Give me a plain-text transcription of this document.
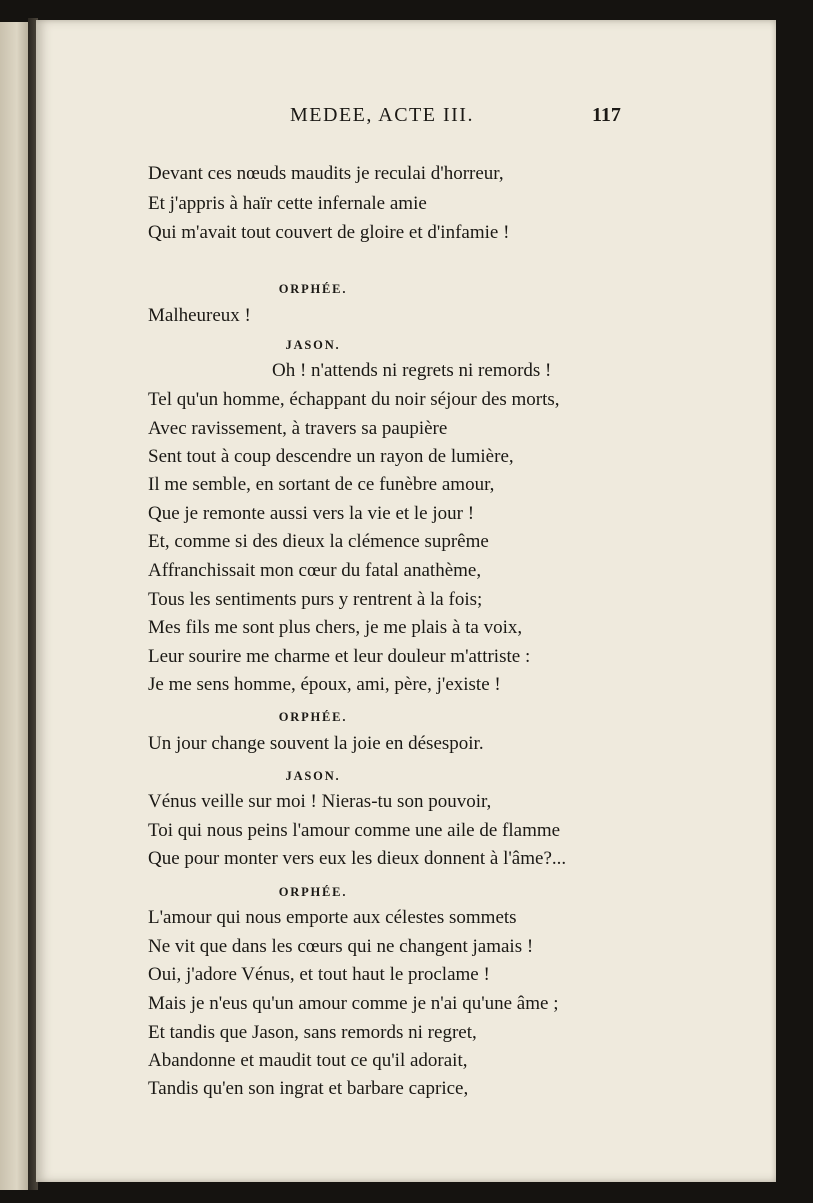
MEDEE, ACTE III.	117
Devant ces nœuds maudits je reculai d'horreur,
Et j'appris à haïr cette infernale amie
Qui m'avait tout couvert de gloire et d'infamie !
ORPHÉE.
Malheureux !
JASON.
Oh ! n'attends ni regrets ni remords !
Tel qu'un homme, échappant du noir séjour des morts,
Avec ravissement, à travers sa paupière
Sent tout à coup descendre un rayon de lumière,
Il me semble, en sortant de ce funèbre amour,
Que je remonte aussi vers la vie et le jour !
Et, comme si des dieux la clémence suprême
Affranchissait mon cœur du fatal anathème,
Tous les sentiments purs y rentrent à la fois;
Mes fils me sont plus chers, je me plais à ta voix,
Leur sourire me charme et leur douleur m'attriste :
Je me sens homme, époux, ami, père, j'existe !
ORPHÉE.
Un jour change souvent la joie en désespoir.
JASON.
Vénus veille sur moi ! Nieras-tu son pouvoir,
Toi qui nous peins l'amour comme une aile de flamme
Que pour monter vers eux les dieux donnent à l'âme?...
ORPHÉE.
L'amour qui nous emporte aux célestes sommets
Ne vit que dans les cœurs qui ne changent jamais !
Oui, j'adore Vénus, et tout haut le proclame !
Mais je n'eus qu'un amour comme je n'ai qu'une âme ;
Et tandis que Jason, sans remords ni regret,
Abandonne et maudit tout ce qu'il adorait,
Tandis qu'en son ingrat et barbare caprice,
